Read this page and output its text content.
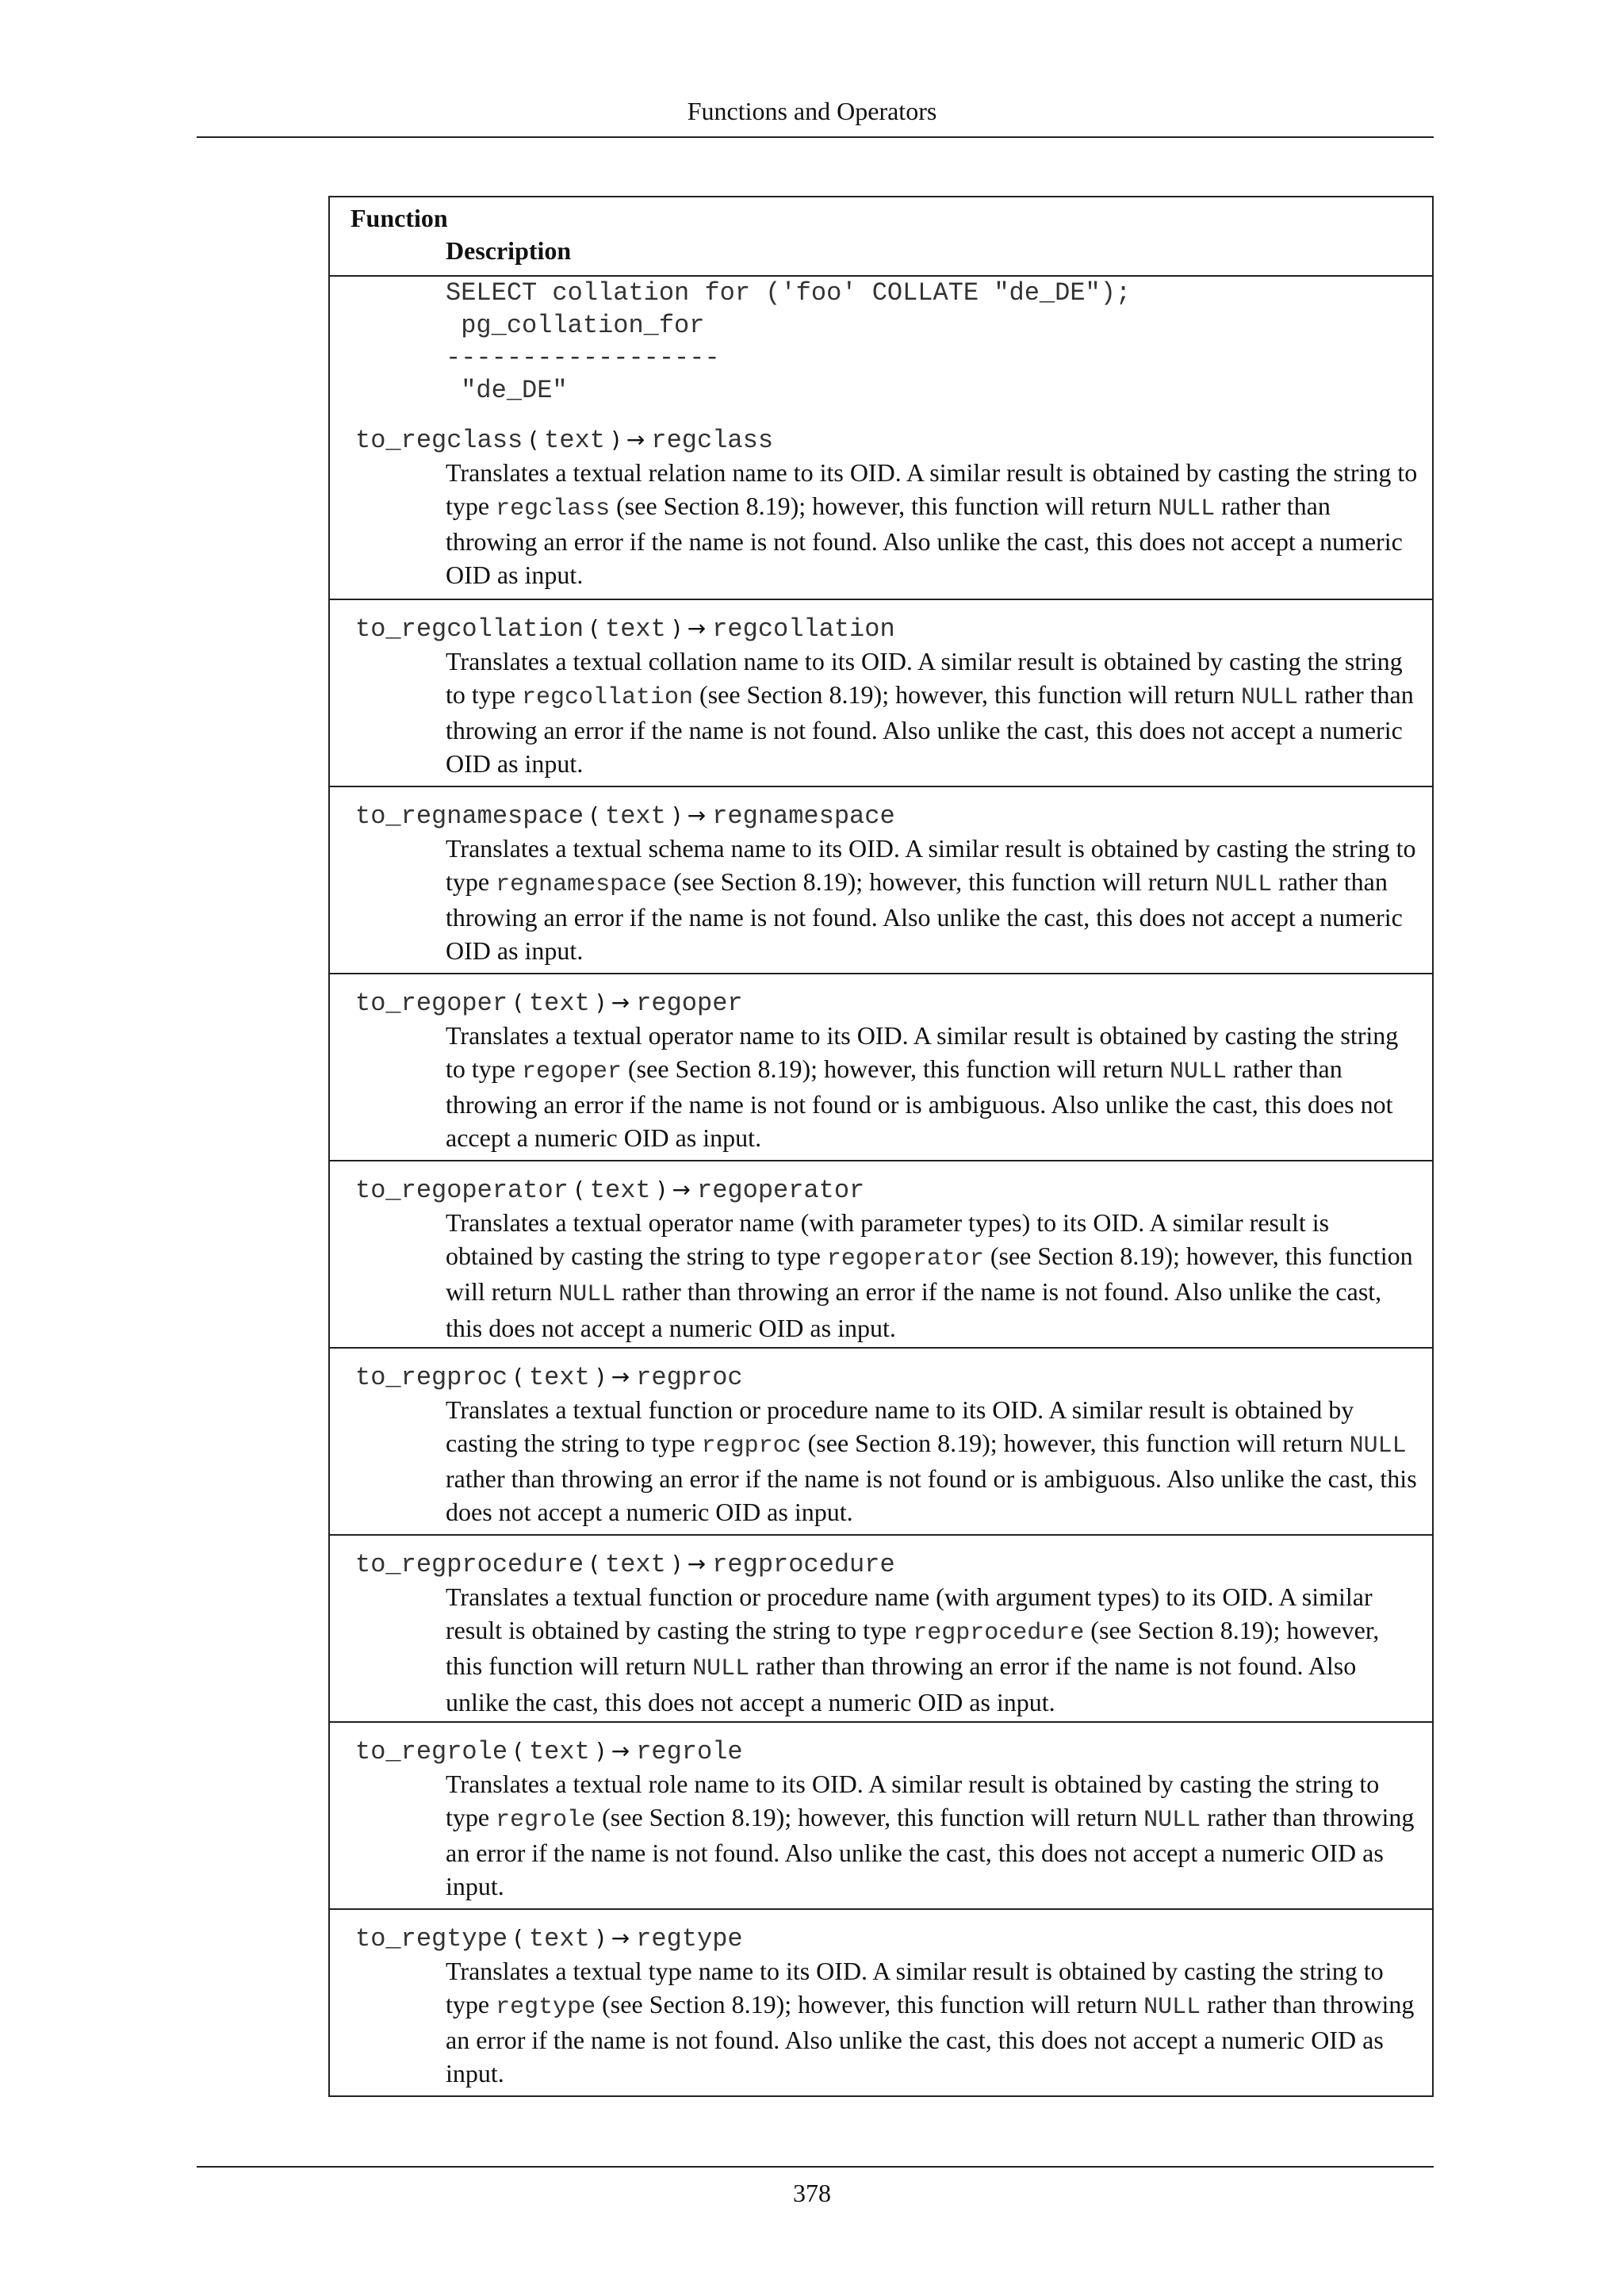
Functions and Operators
Function
Description
SELECT collation for ('foo' COLLATE "de_DE");
pg_collation_for
------------------
"de_DE"
to_regclass ( text ) → regclass
Translates a textual relation name to its OID. A similar result is obtained by casting the string to type regclass (see Section 8.19); however, this function will return NULL rather than throwing an error if the name is not found. Also unlike the cast, this does not accept a numeric OID as input.
to_regcollation ( text ) → regcollation
Translates a textual collation name to its OID. A similar result is obtained by casting the string to type regcollation (see Section 8.19); however, this function will return NULL rather than throwing an error if the name is not found. Also unlike the cast, this does not accept a numeric OID as input.
to_regnamespace ( text ) → regnamespace
Translates a textual schema name to its OID. A similar result is obtained by casting the string to type regnamespace (see Section 8.19); however, this function will return NULL rather than throwing an error if the name is not found. Also unlike the cast, this does not accept a numeric OID as input.
to_regoper ( text ) → regoper
Translates a textual operator name to its OID. A similar result is obtained by casting the string to type regoper (see Section 8.19); however, this function will return NULL rather than throwing an error if the name is not found or is ambiguous. Also unlike the cast, this does not accept a numeric OID as input.
to_regoperator ( text ) → regoperator
Translates a textual operator name (with parameter types) to its OID. A similar result is obtained by casting the string to type regoperator (see Section 8.19); however, this function will return NULL rather than throwing an error if the name is not found. Also unlike the cast, this does not accept a numeric OID as input.
to_regproc ( text ) → regproc
Translates a textual function or procedure name to its OID. A similar result is obtained by casting the string to type regproc (see Section 8.19); however, this function will return NULL rather than throwing an error if the name is not found or is ambiguous. Also unlike the cast, this does not accept a numeric OID as input.
to_regprocedure ( text ) → regprocedure
Translates a textual function or procedure name (with argument types) to its OID. A similar result is obtained by casting the string to type regprocedure (see Section 8.19); however, this function will return NULL rather than throwing an error if the name is not found. Also unlike the cast, this does not accept a numeric OID as input.
to_regrole ( text ) → regrole
Translates a textual role name to its OID. A similar result is obtained by casting the string to type regrole (see Section 8.19); however, this function will return NULL rather than throwing an error if the name is not found. Also unlike the cast, this does not accept a numeric OID as input.
to_regtype ( text ) → regtype
Translates a textual type name to its OID. A similar result is obtained by casting the string to type regtype (see Section 8.19); however, this function will return NULL rather than throwing an error if the name is not found. Also unlike the cast, this does not accept a numeric OID as input.
378
